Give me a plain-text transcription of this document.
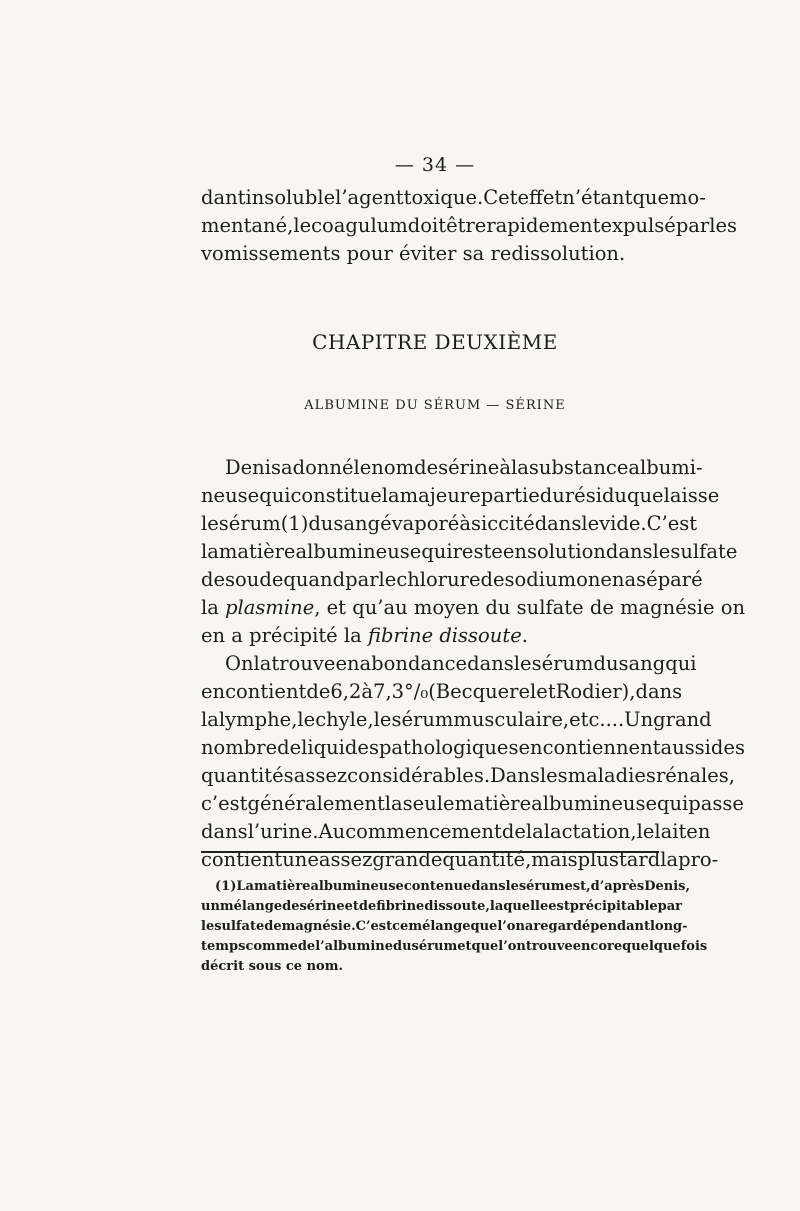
— 34 —
dant insoluble l’agent toxique. Cet effet n’étant que mo-
mentané, le coagulum doit être rapidement expulsé par les
vomissements pour éviter sa redissolution.
CHAPITRE DEUXIÈME
ALBUMINE DU SÉRUM — SÉRINE
Denis a donné le nom de sérine à la substance albumi-
neuse qui constitue la majeure partie du résidu que laisse
le sérum (1) du sang évaporé à siccité dans le vide. C’est
la matière albumineuse qui reste en solution dans le sulfate
de soude quand par le chlorure de sodium on en a séparé
la plasmine , et qu’au moyen du sulfate de magnésie on
en a précipité la fibrine dissoute .
On la trouve en abondance dans le sérum du sang qui
en contient de 6,2 à 7,3 °/₀ (Becquerel et Rodier), dans
la lymphe, le chyle, le sérum musculaire, etc.... Un grand
nombre de liquides pathologiques en contiennent aussi des
quantités assez considérables. Dans les maladies rénales,
c’est généralement la seule matière albumineuse qui passe
dans l’urine. Au commencement de la lactation, le lait en
contient une assez grande quantité, mais plus tard la pro-
(1) La matière albumineuse contenue dans le sérum est, d’après Denis,
un mélange de sérine et de fibrine dissoute, laquelle est précipitable par
le sulfate de magnésie. C’est ce mélange que l’on a regardé pendant long-
temps comme de l’albumine du sérum et que l’on trouve encore quelquefois
décrit sous ce nom.
